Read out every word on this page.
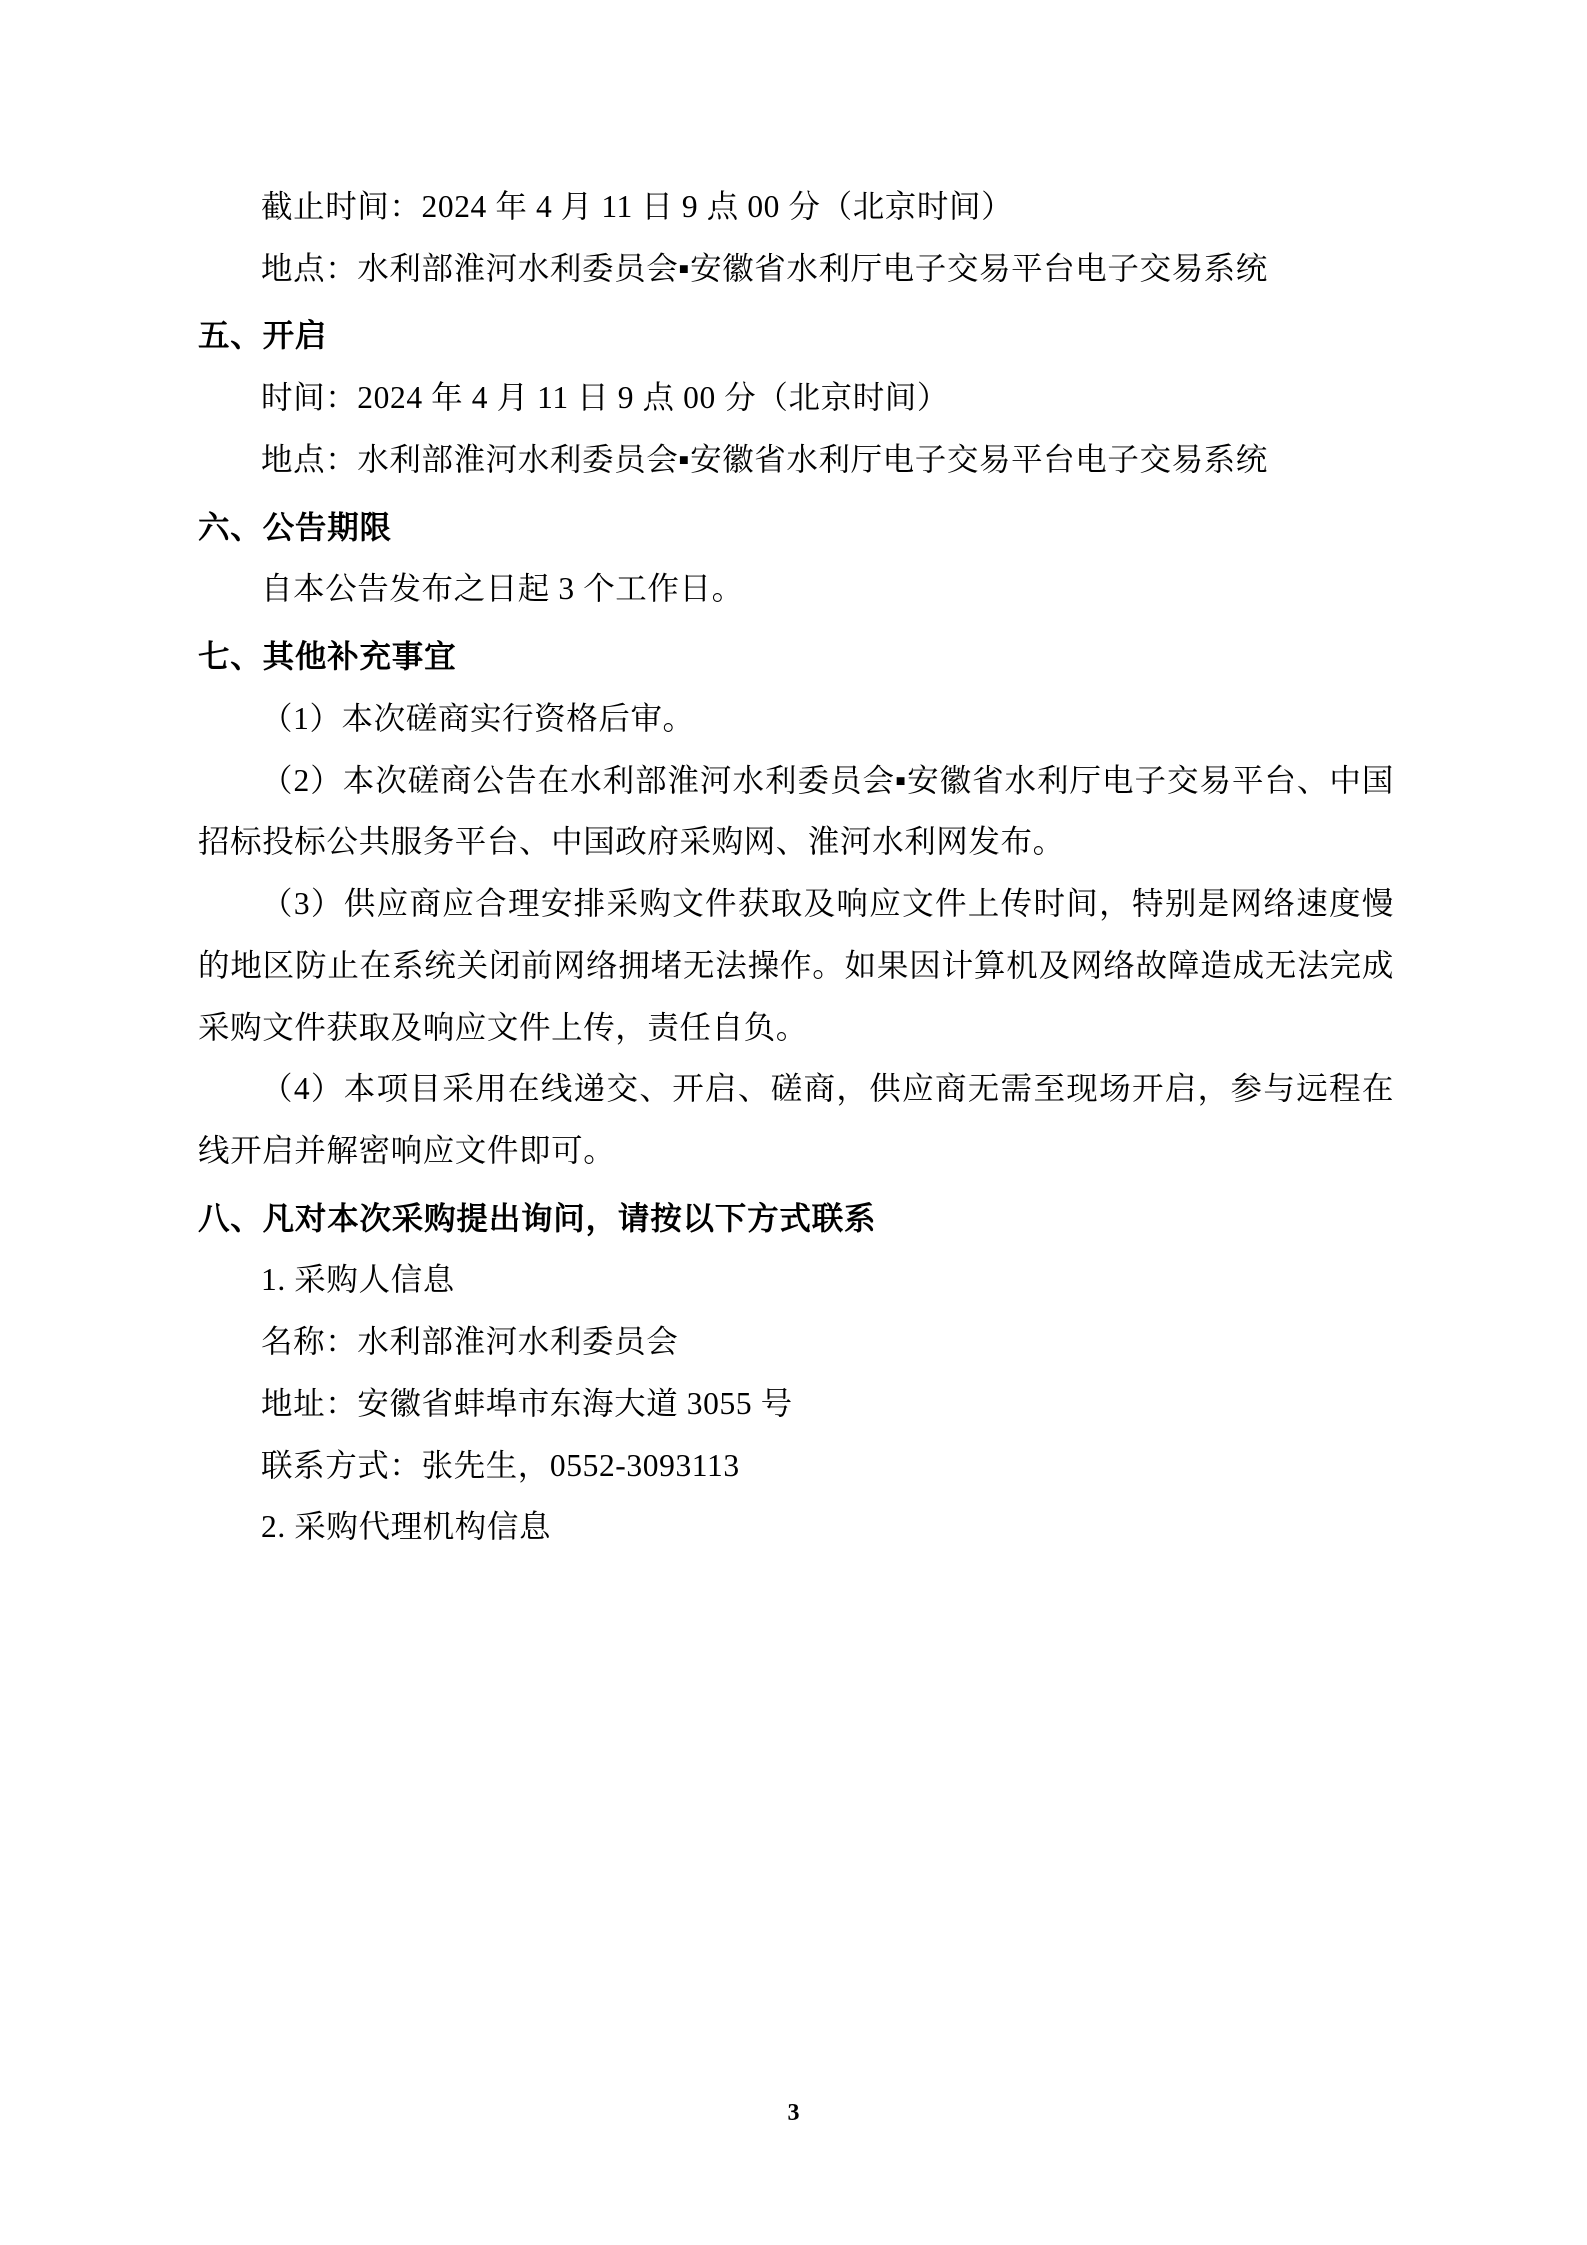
截止时间：2024 年 4 月 11 日 9 点 00 分（北京时间）

地点：水利部淮河水利委员会▪安徽省水利厅电子交易平台电子交易系统

五、开启

时间：2024 年 4 月 11 日 9 点 00 分（北京时间）

地点：水利部淮河水利委员会▪安徽省水利厅电子交易平台电子交易系统

六、公告期限

自本公告发布之日起 3 个工作日。

七、其他补充事宜

（1）本次磋商实行资格后审。

（2）本次磋商公告在水利部淮河水利委员会▪安徽省水利厅电子交易平台、中国招标投标公共服务平台、中国政府采购网、淮河水利网发布。

（3）供应商应合理安排采购文件获取及响应文件上传时间，特别是网络速度慢的地区防止在系统关闭前网络拥堵无法操作。如果因计算机及网络故障造成无法完成采购文件获取及响应文件上传，责任自负。

（4）本项目采用在线递交、开启、磋商，供应商无需至现场开启，参与远程在线开启并解密响应文件即可。

八、凡对本次采购提出询问，请按以下方式联系

1. 采购人信息

名称：水利部淮河水利委员会

地址：安徽省蚌埠市东海大道 3055 号

联系方式：张先生，0552-3093113

2. 采购代理机构信息

3
